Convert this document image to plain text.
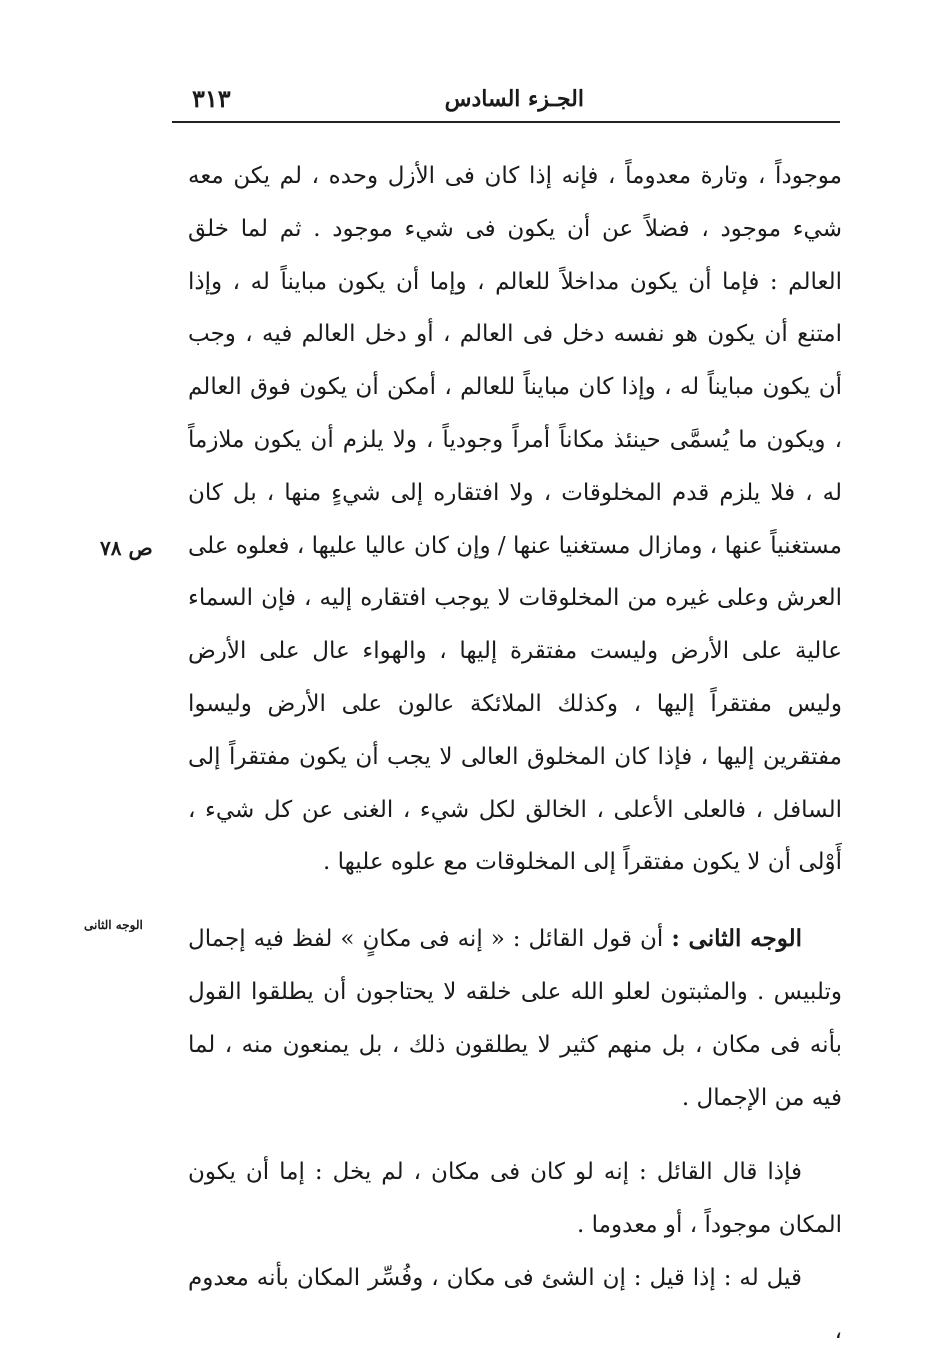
الجـزء السادس
٣١٣
ص ٧٨
الوجه الثانى

موجوداً ، وتارة معدوماً ، فإنه إذا كان فى الأزل وحده ، لم يكن معه شيء موجود ، فضلاً عن أن يكون فى شيء موجود . ثم لما خلق العالم : فإما أن يكون مداخلاً للعالم ، وإما أن يكون مبايناً له ، وإذا امتنع أن يكون هو نفسه دخل فى العالم ، أو دخل العالم فيه ، وجب أن يكون مبايناً له ، وإذا كان مبايناً للعالم ، أمكن أن يكون فوق العالم ، ويكون ما يُسمَّى حينئذ مكاناً أمراً وجودياً ، ولا يلزم أن يكون ملازماً له ، فلا يلزم قدم المخلوقات ، ولا افتقاره إلى شيءٍ منها ، بل كان مستغنياً عنها ، ومازال مستغنيا عنها / وإن كان عاليا عليها ، فعلوه على العرش وعلى غيره من المخلوقات لا يوجب افتقاره إليه ، فإن السماء عالية على الأرض وليست مفتقرة إليها ، والهواء عال على الأرض وليس مفتقراً إليها ، وكذلك الملائكة عالون على الأرض وليسوا مفتقرين إليها ، فإذا كان المخلوق العالى لا يجب أن يكون مفتقراً إلى السافل ، فالعلى الأعلى ، الخالق لكل شيء ، الغنى عن كل شيء ، أَوْلى أن لا يكون مفتقراً إلى المخلوقات مع علوه عليها .

الوجه الثانى : أن قول القائل : « إنه فى مكانٍ » لفظ فيه إجمال وتلبيس . والمثبتون لعلو الله على خلقه لا يحتاجون أن يطلقوا القول بأنه فى مكان ، بل منهم كثير لا يطلقون ذلك ، بل يمنعون منه ، لما فيه من الإجمال .

فإذا قال القائل : إنه لو كان فى مكان ، لم يخل : إما أن يكون المكان موجوداً ، أو معدوما .

قيل له : إذا قيل : إن الشئ فى مكان ، وفُسِّر المكان بأنه معدوم ،
